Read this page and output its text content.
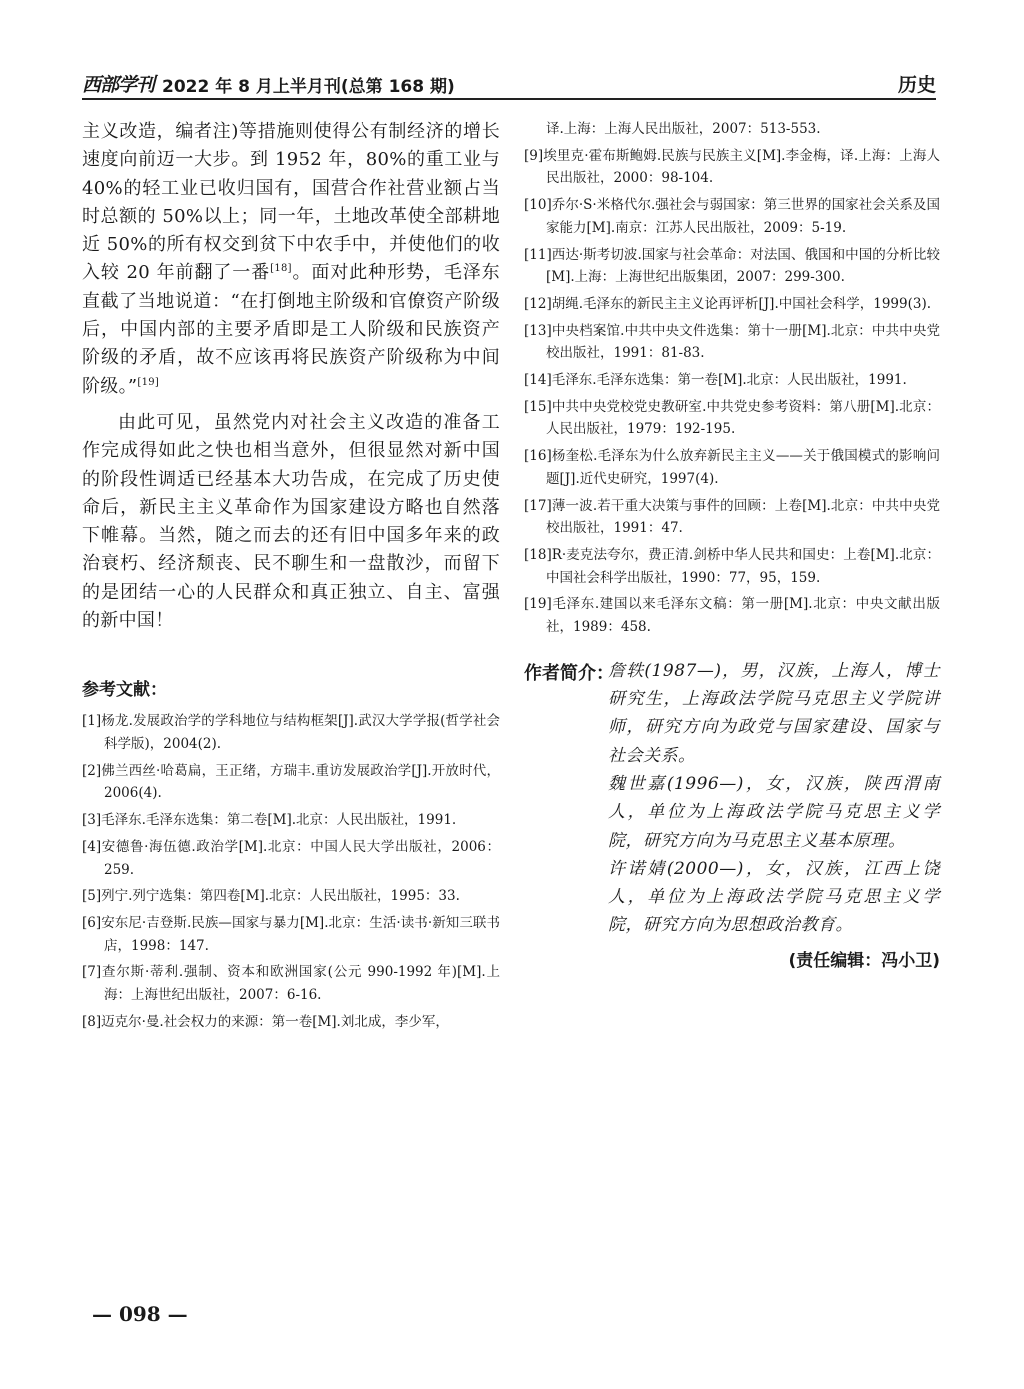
西部学刊 2022 年 8 月上半月刊(总第 168 期)	历史

主义改造，编者注)等措施则使得公有制经济的增长速度向前迈一大步。到 1952 年，80%的重工业与 40%的轻工业已收归国有，国营合作社营业额占当时总额的 50%以上；同一年，土地改革使全部耕地近 50%的所有权交到贫下中农手中，并使他们的收入较 20 年前翻了一番[18]。面对此种形势，毛泽东直截了当地说道：“在打倒地主阶级和官僚资产阶级后，中国内部的主要矛盾即是工人阶级和民族资产阶级的矛盾，故不应该再将民族资产阶级称为中间阶级。”[19]

由此可见，虽然党内对社会主义改造的准备工作完成得如此之快也相当意外，但很显然对新中国的阶段性调适已经基本大功告成，在完成了历史使命后，新民主主义革命作为国家建设方略也自然落下帷幕。当然，随之而去的还有旧中国多年来的政治衰朽、经济颓丧、民不聊生和一盘散沙，而留下的是团结一心的人民群众和真正独立、自主、富强的新中国！

参考文献：
[1]杨龙.发展政治学的学科地位与结构框架[J].武汉大学学报(哲学社会科学版)，2004(2).
[2]佛兰西丝·哈葛扁，王正绪，方瑞丰.重访发展政治学[J].开放时代，2006(4).
[3]毛泽东.毛泽东选集：第二卷[M].北京：人民出版社，1991.
[4]安德鲁·海伍德.政治学[M].北京：中国人民大学出版社，2006：259.
[5]列宁.列宁选集：第四卷[M].北京：人民出版社，1995：33.
[6]安东尼·吉登斯.民族—国家与暴力[M].北京：生活·读书·新知三联书店，1998：147.
[7]查尔斯·蒂利.强制、资本和欧洲国家(公元 990-1992 年)[M].上海：上海世纪出版社，2007：6-16.
[8]迈克尔·曼.社会权力的来源：第一卷[M].刘北成，李少军，
译.上海：上海人民出版社，2007：513-553.
[9]埃里克·霍布斯鲍姆.民族与民族主义[M].李金梅，译.上海：上海人民出版社，2000：98-104.
[10]乔尔·S·米格代尔.强社会与弱国家：第三世界的国家社会关系及国家能力[M].南京：江苏人民出版社，2009：5-19.
[11]西达·斯考切波.国家与社会革命：对法国、俄国和中国的分析比较[M].上海：上海世纪出版集团，2007：299-300.
[12]胡绳.毛泽东的新民主主义论再评析[J].中国社会科学，1999(3).
[13]中央档案馆.中共中央文件选集：第十一册[M].北京：中共中央党校出版社，1991：81-83.
[14]毛泽东.毛泽东选集：第一卷[M].北京：人民出版社，1991.
[15]中共中央党校党史教研室.中共党史参考资料：第八册[M].北京：人民出版社，1979：192-195.
[16]杨奎松.毛泽东为什么放弃新民主主义——关于俄国模式的影响问题[J].近代史研究，1997(4).
[17]薄一波.若干重大决策与事件的回顾：上卷[M].北京：中共中央党校出版社，1991：47.
[18]R·麦克法夸尔，费正清.剑桥中华人民共和国史：上卷[M].北京：中国社会科学出版社，1990：77，95，159.
[19]毛泽东.建国以来毛泽东文稿：第一册[M].北京：中央文献出版社，1989：458.
作者简介：

詹轶(1987—)，男，汉族，上海人，博士研究生，上海政法学院马克思主义学院讲师，研究方向为政党与国家建设、国家与社会关系。

魏世嘉(1996—)，女，汉族，陕西渭南人，单位为上海政法学院马克思主义学院，研究方向为马克思主义基本原理。

许诺婧(2000—)，女，汉族，江西上饶人，单位为上海政法学院马克思主义学院，研究方向为思想政治教育。

(责任编辑：冯小卫)
— 098 —
